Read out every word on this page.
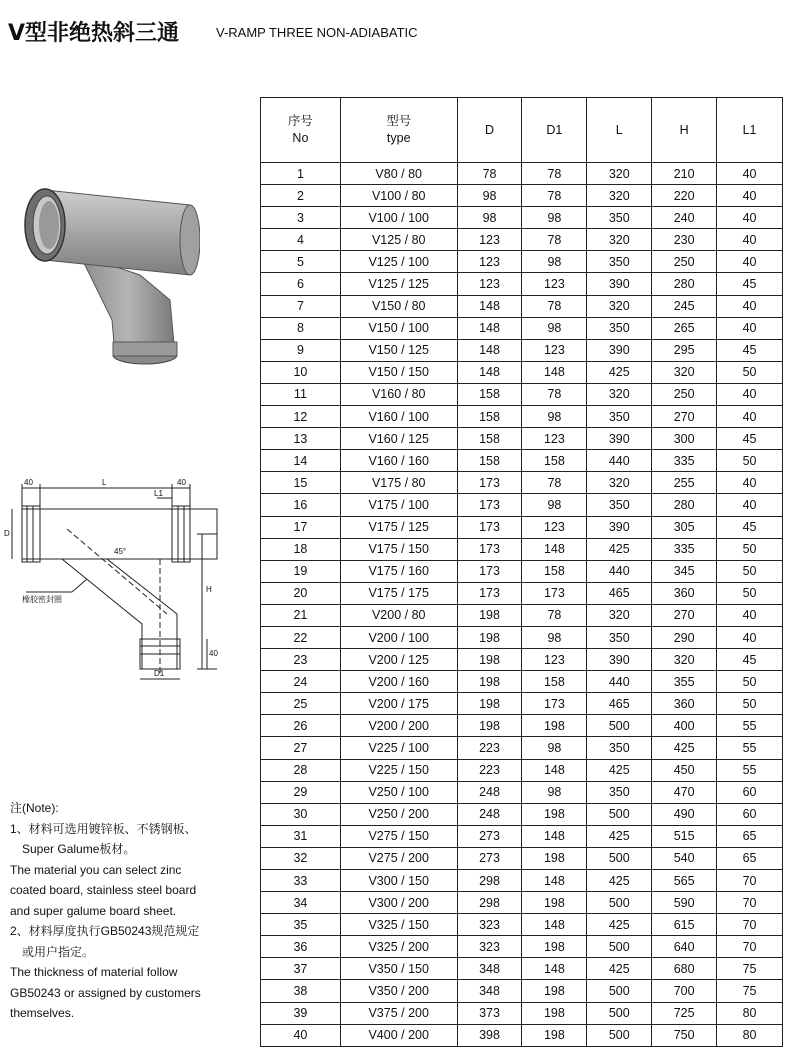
V型非绝热斜三通	V-RAMP THREE NON-ADIABATIC
40	L
L1
40
D
45°
H
橡胶密封圈
40
D1

注(Note):

1、材料可选用镀锌板、不锈钢板、

Super Galume板材。

The material you can select zinc

coated board, stainless steel board

and super galume board sheet.

2、材料厚度执行GB50243规范规定

或用户指定。

The thickness of material follow

GB50243 or assigned by customers

themselves.

序号
No	型号
type	D	D1	L	H	L1
1	V80 / 80	78	78	320	210	40
2	V100 / 80	98	78	320	220	40
3	V100 / 100	98	98	350	240	40
4	V125 / 80	123	78	320	230	40
5	V125 / 100	123	98	350	250	40
6	V125 / 125	123	123	390	280	45
7	V150 / 80	148	78	320	245	40
8	V150 / 100	148	98	350	265	40
9	V150 / 125	148	123	390	295	45
10	V150 / 150	148	148	425	320	50
11	V160 / 80	158	78	320	250	40
12	V160 / 100	158	98	350	270	40
13	V160 / 125	158	123	390	300	45
14	V160 / 160	158	158	440	335	50
15	V175 / 80	173	78	320	255	40
16	V175 / 100	173	98	350	280	40
17	V175 / 125	173	123	390	305	45
18	V175 / 150	173	148	425	335	50
19	V175 / 160	173	158	440	345	50
20	V175 / 175	173	173	465	360	50
21	V200 / 80	198	78	320	270	40
22	V200 / 100	198	98	350	290	40
23	V200 / 125	198	123	390	320	45
24	V200 / 160	198	158	440	355	50
25	V200 / 175	198	173	465	360	50
26	V200 / 200	198	198	500	400	55
27	V225 / 100	223	98	350	425	55
28	V225 / 150	223	148	425	450	55
29	V250 / 100	248	98	350	470	60
30	V250 / 200	248	198	500	490	60
31	V275 / 150	273	148	425	515	65
32	V275 / 200	273	198	500	540	65
33	V300 / 150	298	148	425	565	70
34	V300 / 200	298	198	500	590	70
35	V325 / 150	323	148	425	615	70
36	V325 / 200	323	198	500	640	70
37	V350 / 150	348	148	425	680	75
38	V350 / 200	348	198	500	700	75
39	V375 / 200	373	198	500	725	80
40	V400 / 200	398	198	500	750	80
